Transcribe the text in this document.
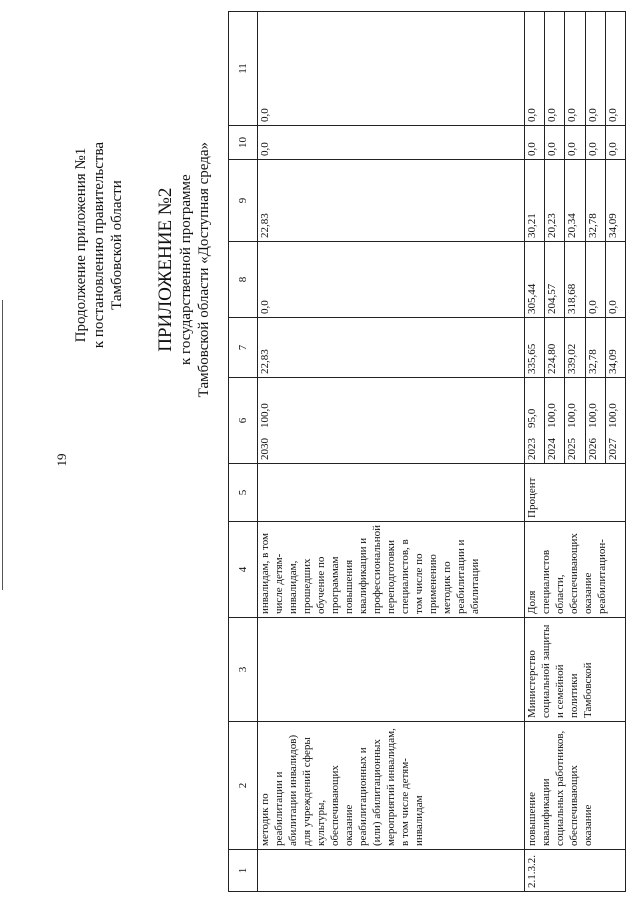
19
Продолжение приложения №1 к постановлению правительства Тамбовской области ПРИЛОЖЕНИЕ №2 к государственной программе Тамбовской области «Доступная среда»
1	2	3	4	5	6	7	8	9	10	11
	методик по реабилитации и абилитации инвалидов) для учреждений сферы культуры, обеспечивающих оказание реабилитационных и (или) абилитационных мероприятий инвалидам, в том числе детям-инвалидам		инвалидам, в том числе детям-инвалидам, прошедших обучение по программам повышения квалификации и профессиональной переподготовки специалистов, в том числе по применению методик по реабилитации и абилитации		2030100,0	22,83	0,0	22,83	0,0	0,0
2.1.3.2.	повышение квалификации социальных работников, обеспечивающих оказание	Министерство социальной защиты и семейной политики Тамбовской	Доля специалистов области, обеспечивающих оказание реабилитацион-	Процент	202395,0	335,65	305,44	30,21	0,0	0,0
					2024100,0	224,80	204,57	20,23	0,0	0,0
					2025100,0	339,02	318,68	20,34	0,0	0,0
					2026100,0	32,78	0,0	32,78	0,0	0,0
					2027100,0	34,09	0,0	34,09	0,0	0,0
